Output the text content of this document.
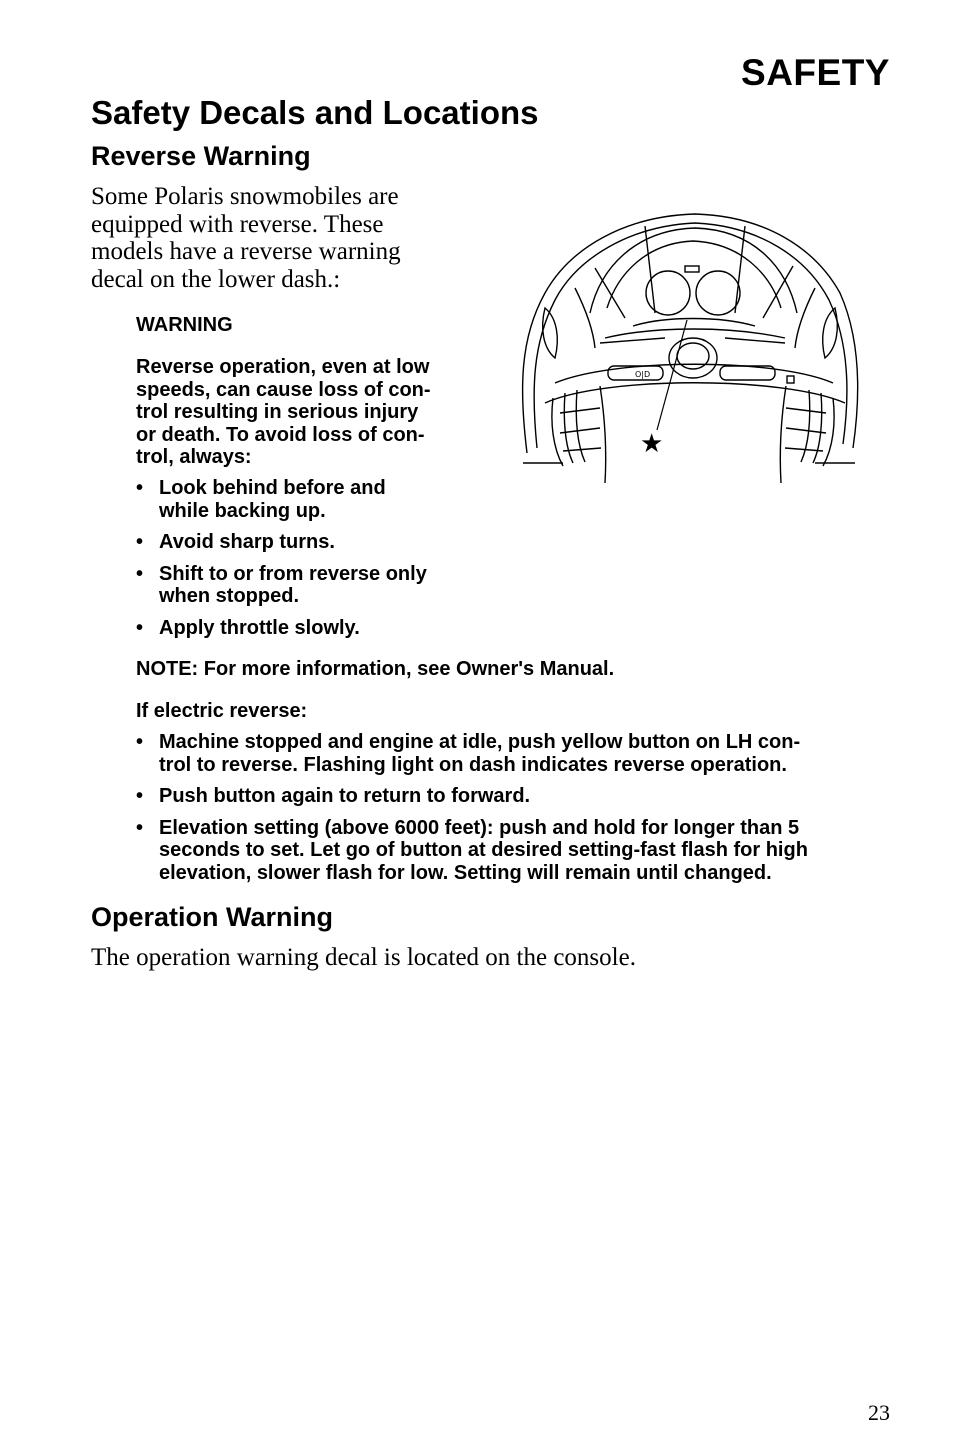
SAFETY
Safety Decals and Locations
Reverse Warning
Some Polaris snowmobiles are
equipped with reverse. These
models have a reverse warning
decal on the lower dash.:
O|D
★
WARNING
Reverse operation, even at low
speeds, can cause loss of con-
trol resulting in serious injury
or death. To avoid loss of con-
trol, always:
• Look behind before and
while backing up.
• Avoid sharp turns.
• Shift to or from reverse only
when stopped.
• Apply throttle slowly.
NOTE: For more information, see Owner's Manual.
If electric reverse:
• Machine stopped and engine at idle, push yellow button on LH con-
trol to reverse. Flashing light on dash indicates reverse operation.
• Push button again to return to forward.
• Elevation setting (above 6000 feet): push and hold for longer than 5
seconds to set. Let go of button at desired setting-fast flash for high
elevation, slower flash for low. Setting will remain until changed.
Operation Warning
The operation warning decal is located on the console.
23
